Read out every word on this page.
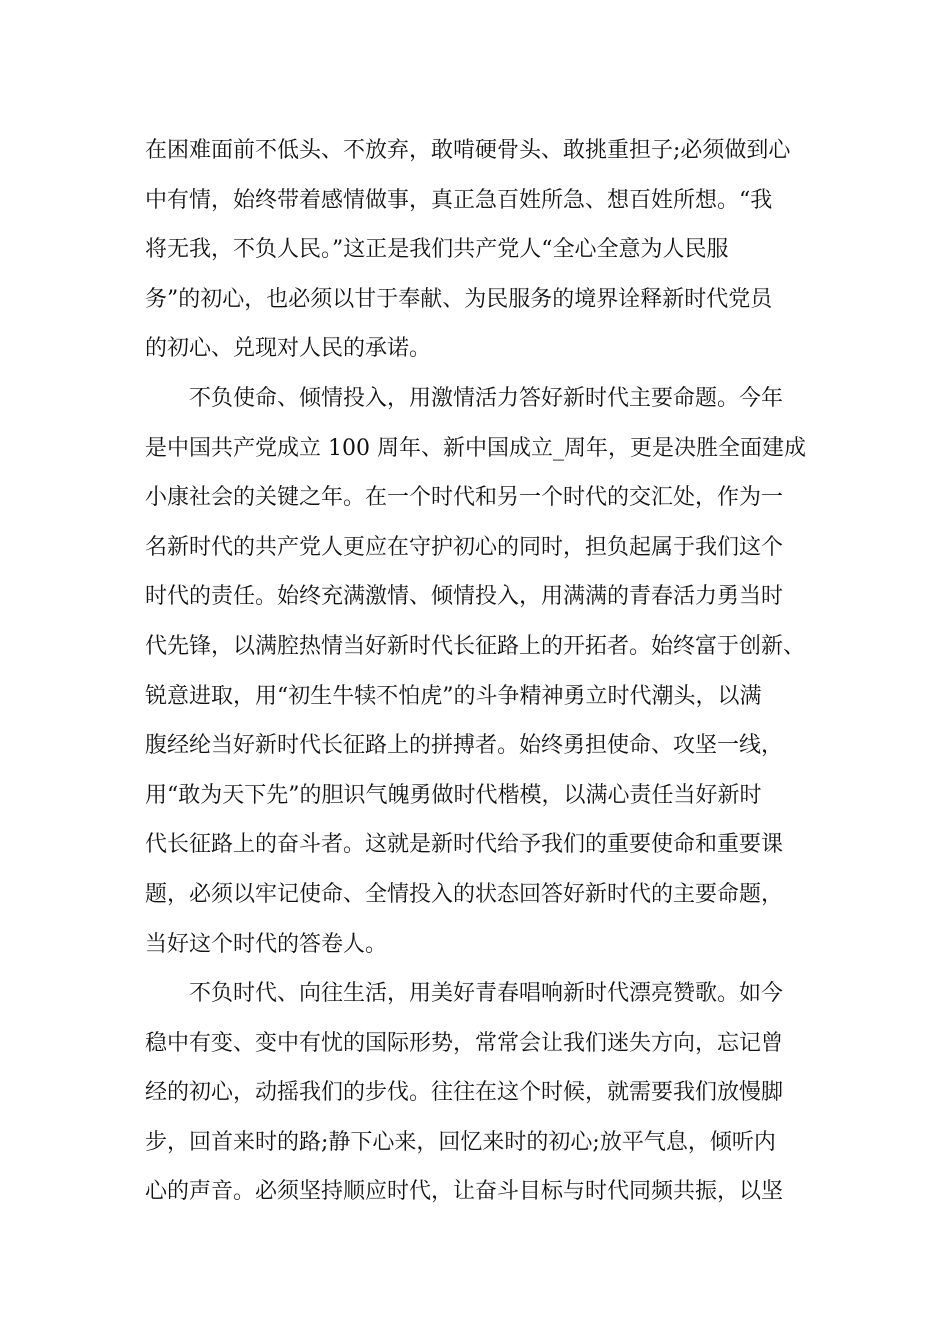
在困难面前不低头、不放弃，敢啃硬骨头、敢挑重担子;必须做到心
中有情，始终带着感情做事，真正急百姓所急、想百姓所想。“我
将无我，不负人民。”这正是我们共产党人“全心全意为人民服
务”的初心，也必须以甘于奉献、为民服务的境界诠释新时代党员
的初心、兑现对人民的承诺。
不负使命、倾情投入，用激情活力答好新时代主要命题。今年
是中国共产党成立 100 周年、新中国成立_周年，更是决胜全面建成
小康社会的关键之年。在一个时代和另一个时代的交汇处，作为一
名新时代的共产党人更应在守护初心的同时，担负起属于我们这个
时代的责任。始终充满激情、倾情投入，用满满的青春活力勇当时
代先锋，以满腔热情当好新时代长征路上的开拓者。始终富于创新、
锐意进取，用“初生牛犊不怕虎”的斗争精神勇立时代潮头，以满
腹经纶当好新时代长征路上的拼搏者。始终勇担使命、攻坚一线，
用“敢为天下先”的胆识气魄勇做时代楷模，以满心责任当好新时
代长征路上的奋斗者。这就是新时代给予我们的重要使命和重要课
题，必须以牢记使命、全情投入的状态回答好新时代的主要命题，
当好这个时代的答卷人。
不负时代、向往生活，用美好青春唱响新时代漂亮赞歌。如今
稳中有变、变中有忧的国际形势，常常会让我们迷失方向，忘记曾
经的初心，动摇我们的步伐。往往在这个时候，就需要我们放慢脚
步，回首来时的路;静下心来，回忆来时的初心;放平气息，倾听内
心的声音。必须坚持顺应时代，让奋斗目标与时代同频共振，以坚
